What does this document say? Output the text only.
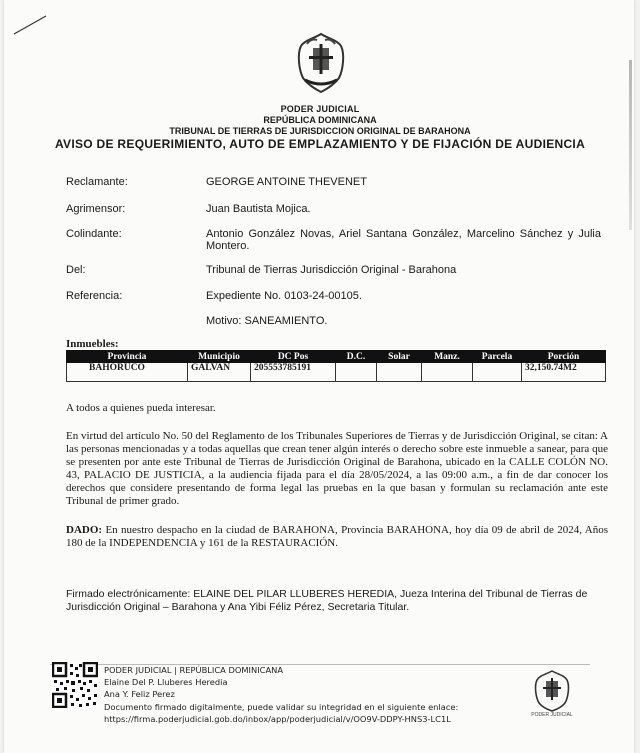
PODER JUDICIAL
REPÚBLICA DOMINICANA
TRIBUNAL DE TIERRAS DE JURISDICCION ORIGINAL DE BARAHONA
AVISO DE REQUERIMIENTO, AUTO DE EMPLAZAMIENTO Y DE FIJACIÓN DE AUDIENCIA
Reclamante:	GEORGE ANTOINE THEVENET
Agrimensor:	Juan Bautista Mojica.
Colindante:	Antonio González Novas, Ariel Santana González, Marcelino Sánchez y Julia Montero.
Del:	Tribunal de Tierras Jurisdicción Original - Barahona
Referencia:	Expediente No. 0103-24-00105.
Motivo: SANEAMIENTO.
Inmuebles:
Provincia	Municipio	DC Pos	D.C.	Solar	Manz.	Parcela	Porción
BAHORUCO	GALVAN	205553785191					32,150.74M2
A todos a quienes pueda interesar.
En virtud del artículo No. 50 del Reglamento de los Tribunales Superiores de Tierras y de Jurisdicción Original, se citan: A las personas mencionadas y a todas aquellas que crean tener algún interés o derecho sobre este inmueble a sanear, para que se presenten por ante este Tribunal de Tierras de Jurisdicción Original de Barahona, ubicado en la CALLE COLÓN NO. 43, PALACIO DE JUSTICIA, a la audiencia fijada para el día 28/05/2024, a las 09:00 a.m., a fin de dar conocer los derechos que considere presentando de forma legal las pruebas en la que basan y formulan su reclamación ante este Tribunal de primer grado.
DADO: En nuestro despacho en la ciudad de BARAHONA, Provincia BARAHONA, hoy día 09 de abril de 2024, Años 180 de la INDEPENDENCIA y 161 de la RESTAURACIÓN.
Firmado electrónicamente: ELAINE DEL PILAR LLUBERES HEREDIA, Jueza Interina del Tribunal de Tierras de Jurisdicción Original – Barahona y Ana Yibi Féliz Pérez, Secretaria Titular.
PODER JUDICIAL | REPÚBLICA DOMINICANA
Elaine Del P. Lluberes Heredia
Ana Y. Feliz Perez
Documento firmado digitalmente, puede validar su integridad en el siguiente enlace:
https://firma.poderjudicial.gob.do/inbox/app/poderjudicial/v/OO9V-DDPY-HNS3-LC1L	PODER JUDICIAL
